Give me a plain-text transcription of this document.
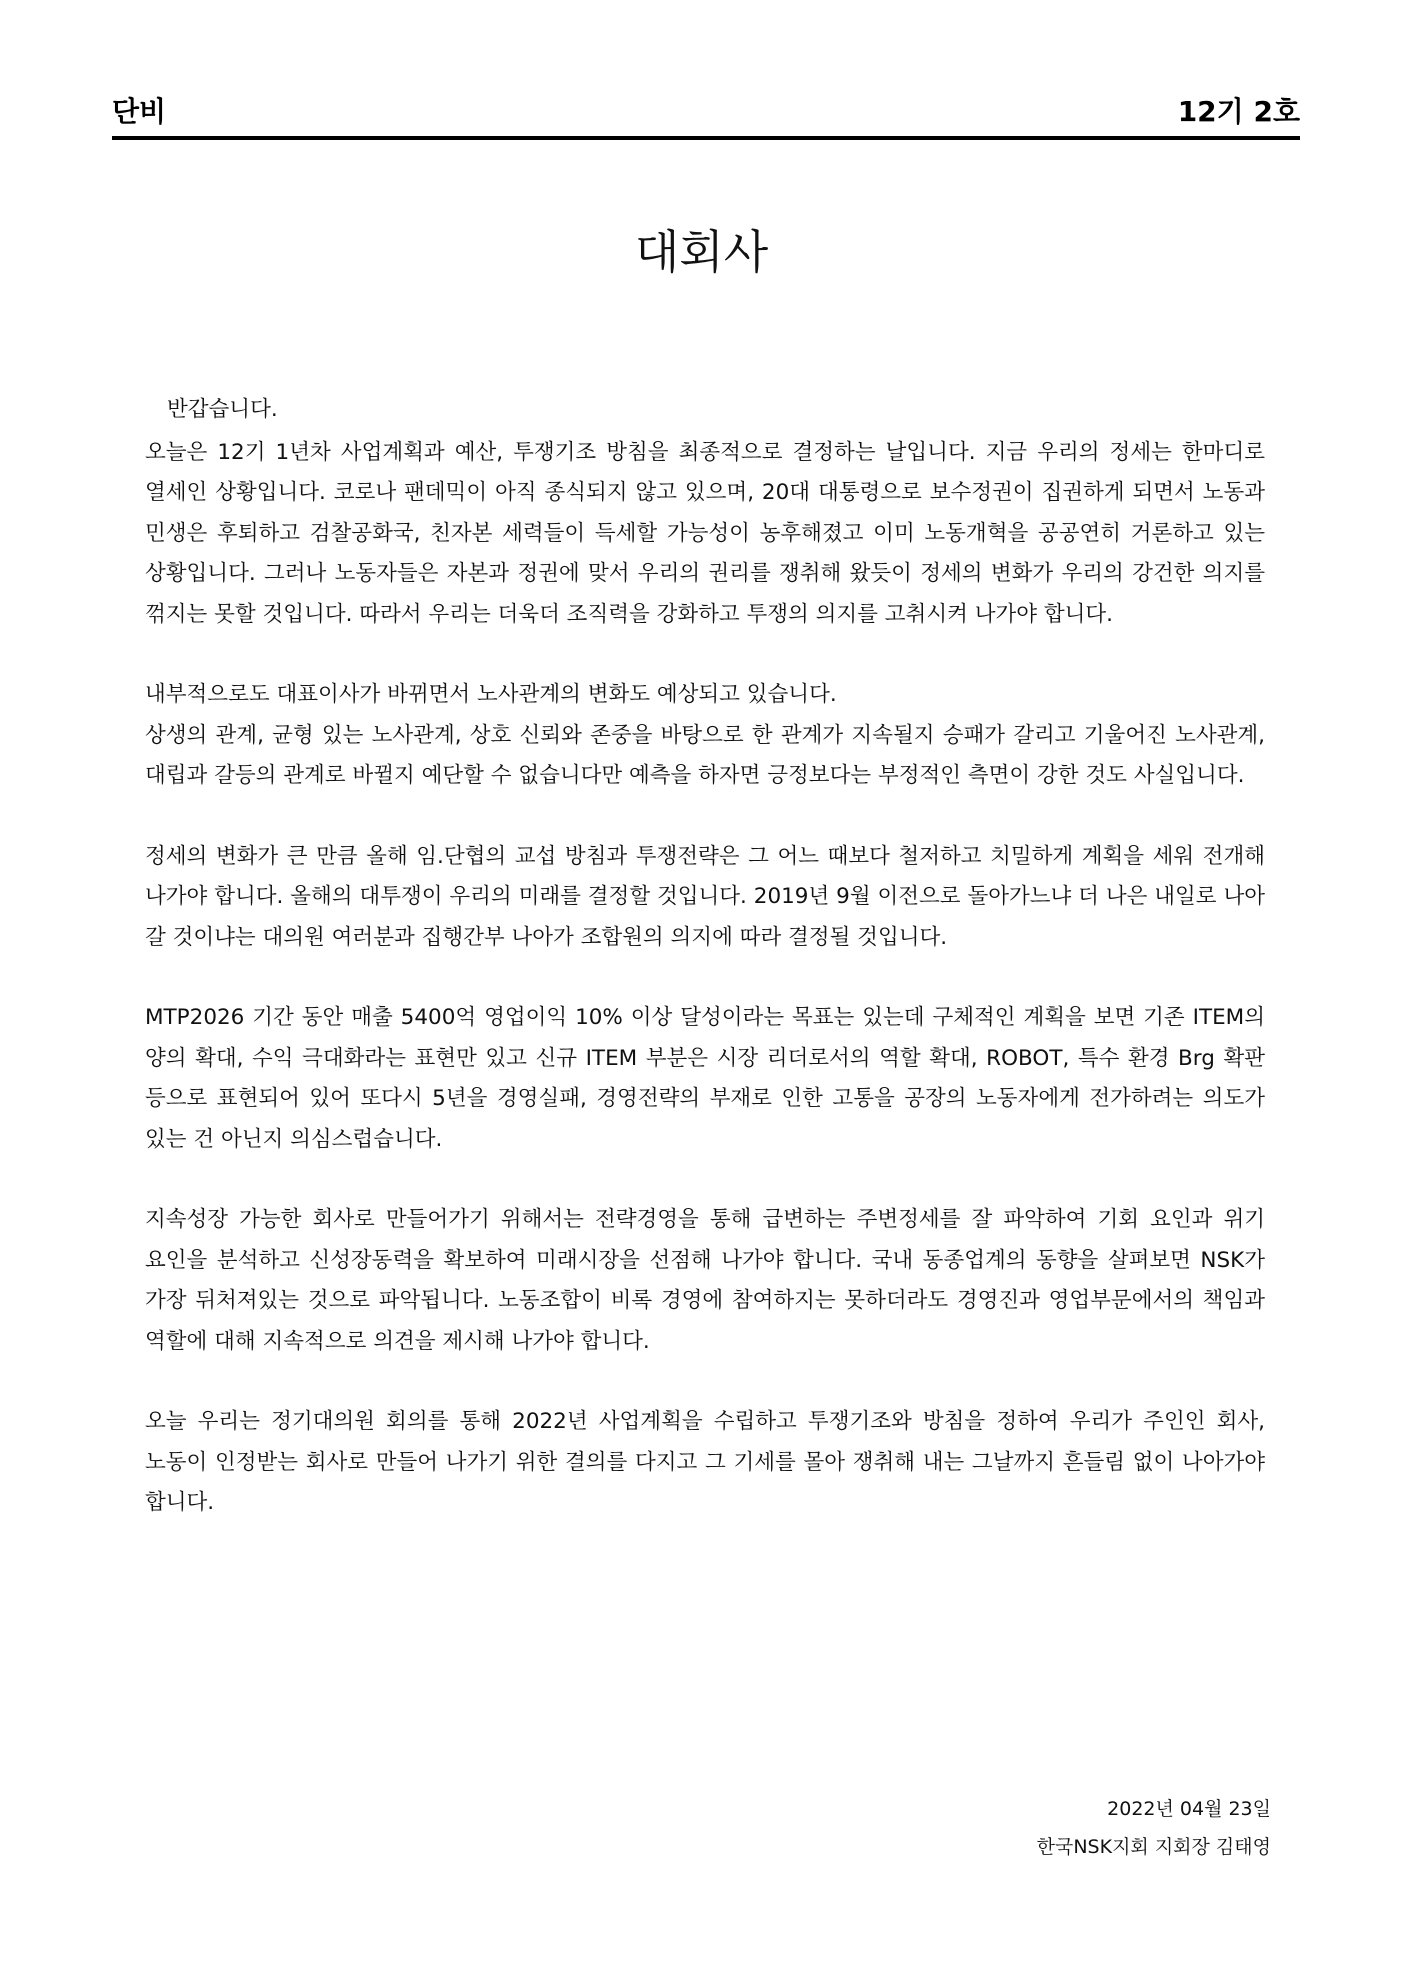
단비	12기 2호
대회사

반갑습니다.

오늘은 12기 1년차 사업계획과 예산, 투쟁기조 방침을 최종적으로 결정하는 날입니다. 지금 우리의 정세는 한마디로 열세인 상황입니다. 코로나 팬데믹이 아직 종식되지 않고 있으며, 20대 대통령으로 보수정권이 집권하게 되면서 노동과 민생은 후퇴하고 검찰공화국, 친자본 세력들이 득세할 가능성이 농후해졌고 이미 노동개혁을 공공연히 거론하고 있는 상황입니다. 그러나 노동자들은 자본과 정권에 맞서 우리의 권리를 쟁취해 왔듯이 정세의 변화가 우리의 강건한 의지를 꺾지는 못할 것입니다. 따라서 우리는 더욱더 조직력을 강화하고 투쟁의 의지를 고취시켜 나가야 합니다.

내부적으로도 대표이사가 바뀌면서 노사관계의 변화도 예상되고 있습니다.

상생의 관계, 균형 있는 노사관계, 상호 신뢰와 존중을 바탕으로 한 관계가 지속될지 승패가 갈리고 기울어진 노사관계, 대립과 갈등의 관계로 바뀔지 예단할 수 없습니다만 예측을 하자면 긍정보다는 부정적인 측면이 강한 것도 사실입니다.

정세의 변화가 큰 만큼 올해 임.단협의 교섭 방침과 투쟁전략은 그 어느 때보다 철저하고 치밀하게 계획을 세워 전개해 나가야 합니다. 올해의 대투쟁이 우리의 미래를 결정할 것입니다. 2019년 9월 이전으로 돌아가느냐 더 나은 내일로 나아 갈 것이냐는 대의원 여러분과 집행간부 나아가 조합원의 의지에 따라 결정될 것입니다.

MTP2026 기간 동안 매출 5400억 영업이익 10% 이상 달성이라는 목표는 있는데 구체적인 계획을 보면 기존 ITEM의 양의 확대, 수익 극대화라는 표현만 있고 신규 ITEM 부분은 시장 리더로서의 역할 확대, ROBOT, 특수 환경 Brg 확판 등으로 표현되어 있어 또다시 5년을 경영실패, 경영전략의 부재로 인한 고통을 공장의 노동자에게 전가하려는 의도가 있는 건 아닌지 의심스럽습니다.

지속성장 가능한 회사로 만들어가기 위해서는 전략경영을 통해 급변하는 주변정세를 잘 파악하여 기회 요인과 위기 요인을 분석하고 신성장동력을 확보하여 미래시장을 선점해 나가야 합니다. 국내 동종업계의 동향을 살펴보면 NSK가 가장 뒤처져있는 것으로 파악됩니다. 노동조합이 비록 경영에 참여하지는 못하더라도 경영진과 영업부문에서의 책임과 역할에 대해 지속적으로 의견을 제시해 나가야 합니다.

오늘 우리는 정기대의원 회의를 통해 2022년 사업계획을 수립하고 투쟁기조와 방침을 정하여 우리가 주인인 회사, 노동이 인정받는 회사로 만들어 나가기 위한 결의를 다지고 그 기세를 몰아 쟁취해 내는 그날까지 흔들림 없이 나아가야 합니다.

2022년 04월 23일
한국NSK지회 지회장 김태영
